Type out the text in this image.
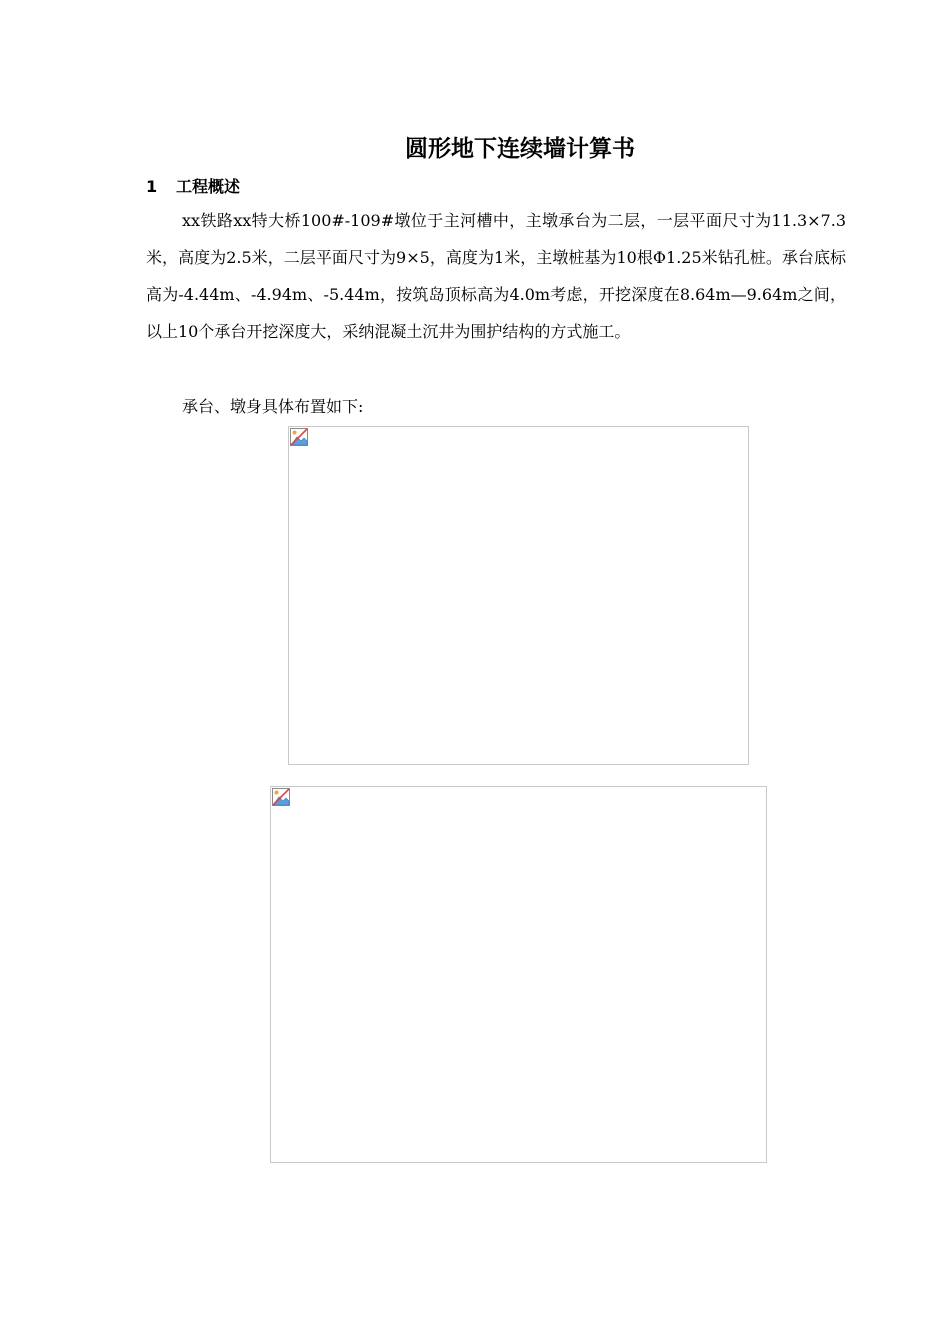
圆形地下连续墙计算书
1 工程概述

xx铁路xx特大桥100#-109#墩位于主河槽中，主墩承台为二层，一层平面尺寸为11.3×7.3米，高度为2.5米，二层平面尺寸为9×5，高度为1米，主墩桩基为10根Φ1.25米钻孔桩。承台底标高为-4.44m、-4.94m、-5.44m，按筑岛顶标高为4.0m考虑，开挖深度在8.64m—9.64m之间，以上10个承台开挖深度大，采纳混凝土沉井为围护结构的方式施工。

承台、墩身具体布置如下:
